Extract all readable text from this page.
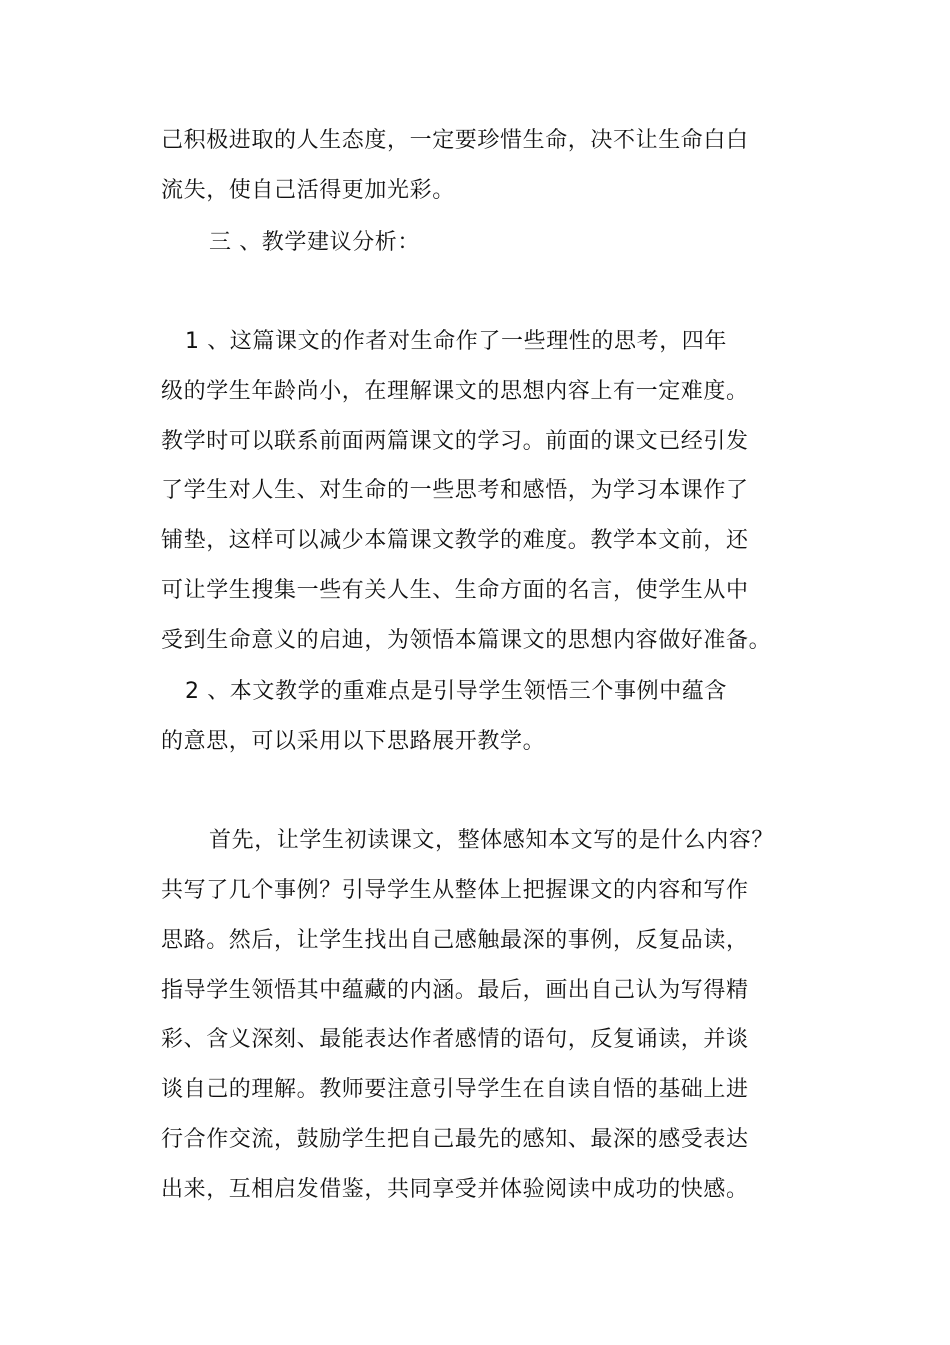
己积极进取的人生态度，一定要珍惜生命，决不让生命白白
流失，使自己活得更加光彩。
三 、教学建议分析：
1 、这篇课文的作者对生命作了一些理性的思考，四年
级的学生年龄尚小，在理解课文的思想内容上有一定难度。
教学时可以联系前面两篇课文的学习。前面的课文已经引发
了学生对人生、对生命的一些思考和感悟，为学习本课作了
铺垫，这样可以减少本篇课文教学的难度。教学本文前，还
可让学生搜集一些有关人生、生命方面的名言，使学生从中
受到生命意义的启迪，为领悟本篇课文的思想内容做好准备。
2 、本文教学的重难点是引导学生领悟三个事例中蕴含
的意思，可以采用以下思路展开教学。
首先，让学生初读课文，整体感知本文写的是什么内容？
共写了几个事例？引导学生从整体上把握课文的内容和写作
思路。然后，让学生找出自己感触最深的事例，反复品读，
指导学生领悟其中蕴藏的内涵。最后，画出自己认为写得精
彩、含义深刻、最能表达作者感情的语句，反复诵读，并谈
谈自己的理解。教师要注意引导学生在自读自悟的基础上进
行合作交流，鼓励学生把自己最先的感知、最深的感受表达
出来，互相启发借鉴，共同享受并体验阅读中成功的快感。
